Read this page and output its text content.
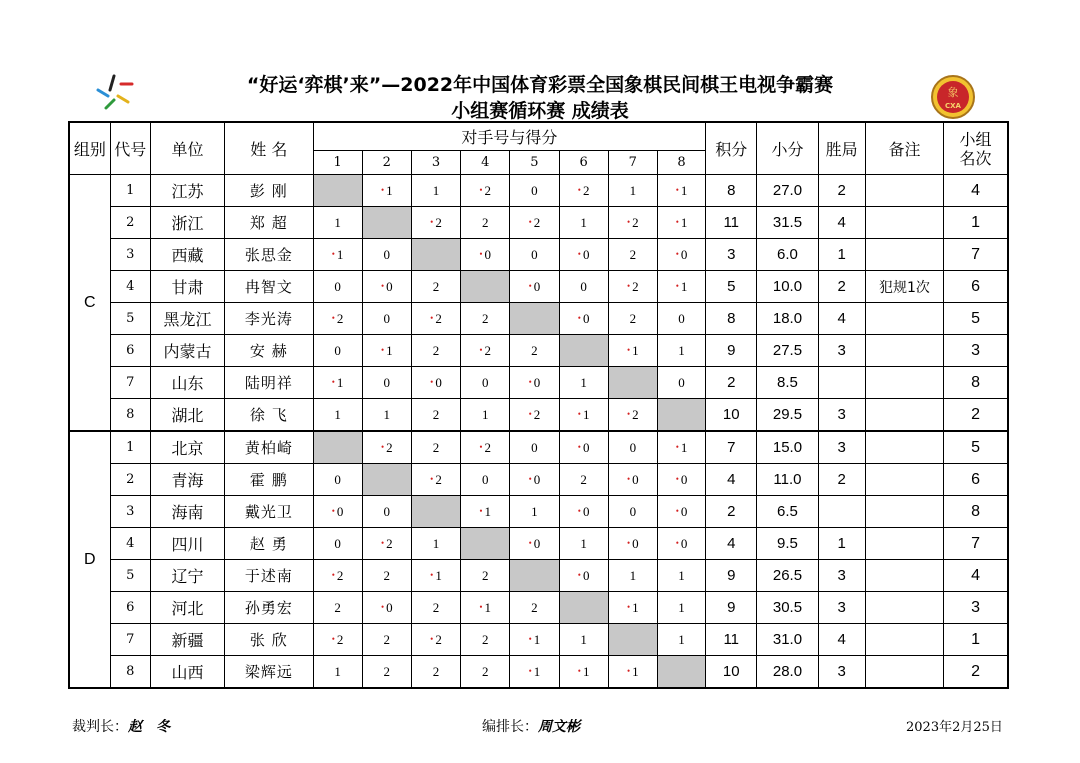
象
CXA
“好运‘弈棋’来”—2022年中国体育彩票全国象棋民间棋王电视争霸赛
小组赛循环赛 成绩表
组别	代号	单位	姓 名	对手号与得分								积分	小分	胜局	备注	小组
名次
				1	2	3	4	5	6	7	8					
C	1	江苏	彭 刚		• 1	1	• 2	0	• 2	1	• 1	8	27.0	2		4
	2	浙江	郑 超	1		• 2	2	• 2	1	• 2	• 1	11	31.5	4		1
	3	西藏	张思金	• 1	0		• 0	0	• 0	2	• 0	3	6.0	1		7
	4	甘肃	冉智文	0	• 0	2		• 0	0	• 2	• 1	5	10.0	2	犯规1次	6
	5	黑龙江	李光涛	• 2	0	• 2	2		• 0	2	0	8	18.0	4		5
	6	内蒙古	安 赫	0	• 1	2	• 2	2		• 1	1	9	27.5	3		3
	7	山东	陆明祥	• 1	0	• 0	0	• 0	1		0	2	8.5			8
	8	湖北	徐 飞	1	1	2	1	• 2	• 1	• 2		10	29.5	3		2
D	1	北京	黄柏崎		• 2	2	• 2	0	• 0	0	• 1	7	15.0	3		5
	2	青海	霍 鹏	0		• 2	0	• 0	2	• 0	• 0	4	11.0	2		6
	3	海南	戴光卫	• 0	0		• 1	1	• 0	0	• 0	2	6.5			8
	4	四川	赵 勇	0	• 2	1		• 0	1	• 0	• 0	4	9.5	1		7
	5	辽宁	于述南	• 2	2	• 1	2		• 0	1	1	9	26.5	3		4
	6	河北	孙勇宏	2	• 0	2	• 1	2		• 1	1	9	30.5	3		3
	7	新疆	张 欣	• 2	2	• 2	2	• 1	1		1	11	31.0	4		1
	8	山西	梁辉远	1	2	2	2	• 1	• 1	• 1		10	28.0	3		2
裁判长：赵　冬	编排长：周文彬	2023年2月25日
